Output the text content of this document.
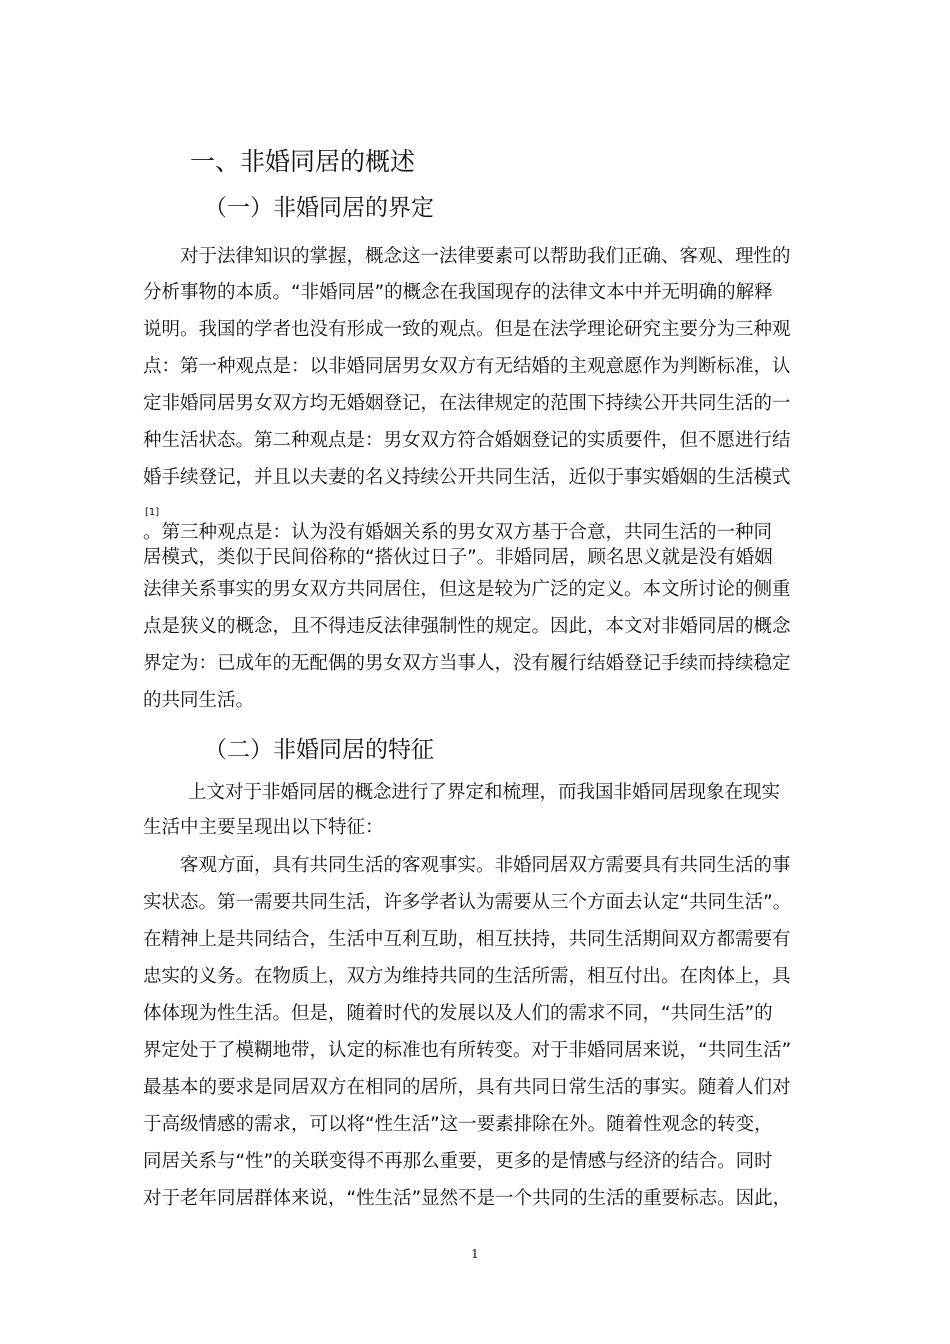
一、非婚同居的概述
（一）非婚同居的界定
对于法律知识的掌握，概念这一法律要素可以帮助我们正确、客观、理性的
分析事物的本质。“非婚同居”的概念在我国现存的法律文本中并无明确的解释
说明。我国的学者也没有形成一致的观点。但是在法学理论研究主要分为三种观
点：第一种观点是：以非婚同居男女双方有无结婚的主观意愿作为判断标准，认
定非婚同居男女双方均无婚姻登记，在法律规定的范围下持续公开共同生活的一
种生活状态。第二种观点是：男女双方符合婚姻登记的实质要件，但不愿进行结
婚手续登记，并且以夫妻的名义持续公开共同生活，近似于事实婚姻的生活模式
[1]
。第三种观点是：认为没有婚姻关系的男女双方基于合意，共同生活的一种同
居模式，类似于民间俗称的“搭伙过日子”。非婚同居，顾名思义就是没有婚姻
法律关系事实的男女双方共同居住，但这是较为广泛的定义。本文所讨论的侧重
点是狭义的概念，且不得违反法律强制性的规定。因此，本文对非婚同居的概念
界定为：已成年的无配偶的男女双方当事人，没有履行结婚登记手续而持续稳定
的共同生活。
（二）非婚同居的特征
上文对于非婚同居的概念进行了界定和梳理，而我国非婚同居现象在现实
生活中主要呈现出以下特征：
客观方面，具有共同生活的客观事实。非婚同居双方需要具有共同生活的事
实状态。第一需要共同生活，许多学者认为需要从三个方面去认定“共同生活”。
在精神上是共同结合，生活中互利互助，相互扶持，共同生活期间双方都需要有
忠实的义务。在物质上，双方为维持共同的生活所需，相互付出。在肉体上，具
体体现为性生活。但是，随着时代的发展以及人们的需求不同，“共同生活”的
界定处于了模糊地带，认定的标准也有所转变。对于非婚同居来说，“共同生活”
最基本的要求是同居双方在相同的居所，具有共同日常生活的事实。随着人们对
于高级情感的需求，可以将“性生活”这一要素排除在外。随着性观念的转变，
同居关系与“性”的关联变得不再那么重要，更多的是情感与经济的结合。同时
对于老年同居群体来说，“性生活”显然不是一个共同的生活的重要标志。因此，
1
